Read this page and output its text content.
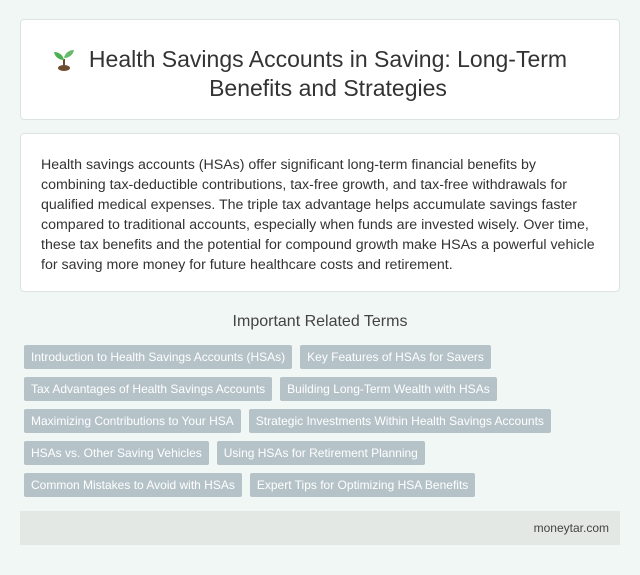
Health Savings Accounts in Saving: Long-Term Benefits and Strategies

Health savings accounts (HSAs) offer significant long-term financial benefits by combining tax-deductible contributions, tax-free growth, and tax-free withdrawals for qualified medical expenses. The triple tax advantage helps accumulate savings faster compared to traditional accounts, especially when funds are invested wisely. Over time, these tax benefits and the potential for compound growth make HSAs a powerful vehicle for saving more money for future healthcare costs and retirement.

Important Related Terms
Introduction to Health Savings Accounts (HSAs)	Key Features of HSAs for Savers
Tax Advantages of Health Savings Accounts	Building Long-Term Wealth with HSAs
Maximizing Contributions to Your HSA	Strategic Investments Within Health Savings Accounts
HSAs vs. Other Saving Vehicles	Using HSAs for Retirement Planning
Common Mistakes to Avoid with HSAs	Expert Tips for Optimizing HSA Benefits
moneytar.com
